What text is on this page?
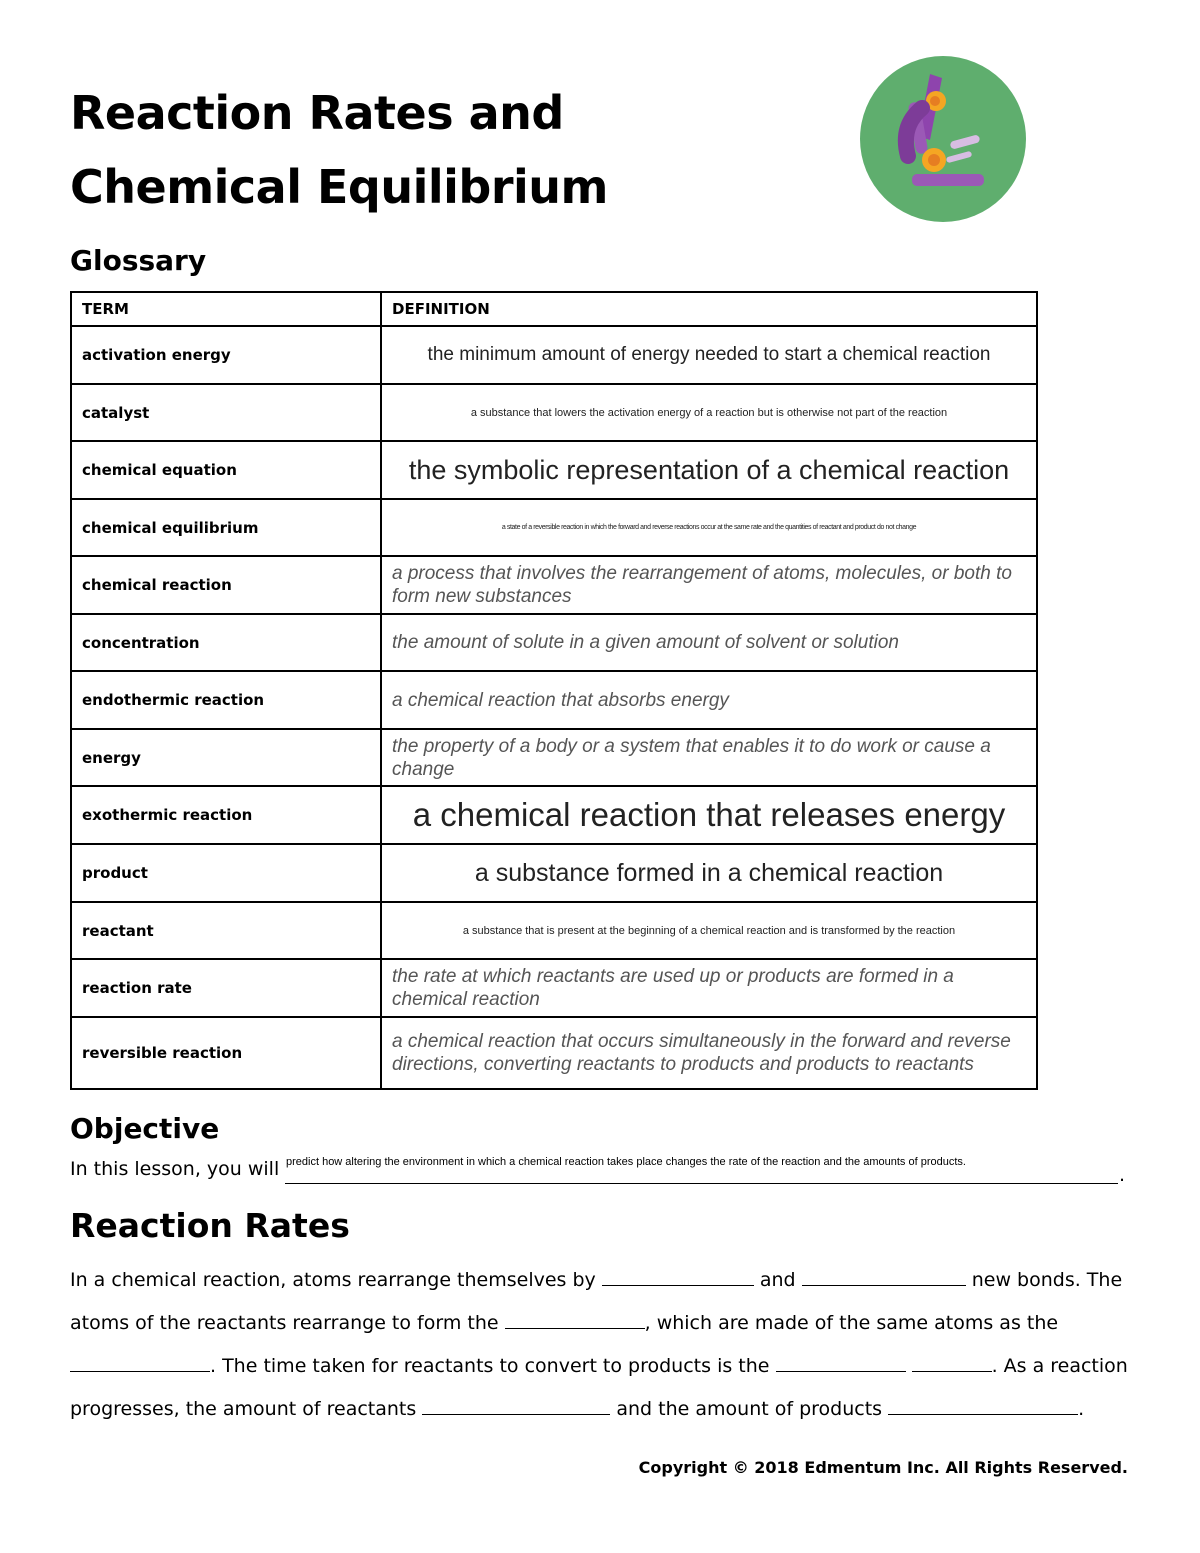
Reaction Rates and
Chemical Equilibrium
Glossary
TERM	DEFINITION
activation energy	the minimum amount of energy needed to start a chemical reaction
catalyst	a substance that lowers the activation energy of a reaction but is otherwise not part of the reaction
chemical equation	the symbolic representation of a chemical reaction
chemical equilibrium	a state of a reversible reaction in which the forward and reverse reactions occur at the same rate and the quantities of reactant and product do not change
chemical reaction	a process that involves the rearrangement of atoms, molecules, or both to form new substances
concentration	the amount of solute in a given amount of solvent or solution
endothermic reaction	a chemical reaction that absorbs energy
energy	the property of a body or a system that enables it to do work or cause a change
exothermic reaction	a chemical reaction that releases energy
product	a substance formed in a chemical reaction
reactant	a substance that is present at the beginning of a chemical reaction and is transformed by the reaction
reaction rate	the rate at which reactants are used up or products are formed in a chemical reaction
reversible reaction	a chemical reaction that occurs simultaneously in the forward and reverse directions, converting reactants to products and products to reactants
Objective
In this lesson, you will predict how altering the environment in which a chemical reaction takes place changes the rate of the reaction and the amounts of products.
.
Reaction Rates

In a chemical reaction, atoms rearrange themselves by	and	new bonds. The atoms of the reactants rearrange to form the	, which are made of the same atoms as the . The time taken for reactants to convert to products is the	. As a reaction progresses, the amount of reactants	and the amount of products	.

Copyright © 2018 Edmentum Inc. All Rights Reserved.
